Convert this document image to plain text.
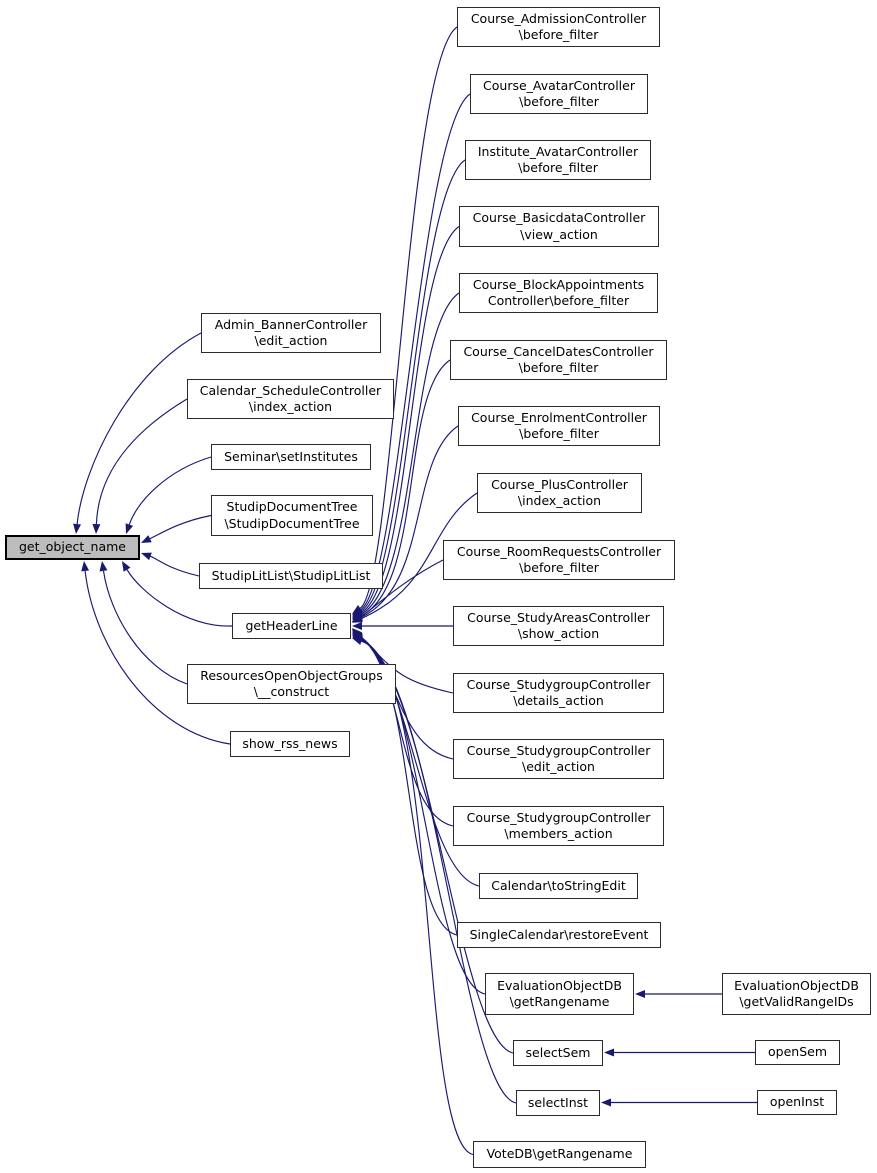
get_object_name
Admin_BannerController
\edit_action
Calendar_ScheduleController
\index_action
Seminar\setInstitutes
StudipDocumentTree
\StudipDocumentTree
StudipLitList\StudipLitList
getHeaderLine
ResourcesOpenObjectGroups
\__construct
show_rss_news
Course_AdmissionController
\before_filter
Course_AvatarController
\before_filter
Institute_AvatarController
\before_filter
Course_BasicdataController
\view_action
Course_BlockAppointments
Controller\before_filter
Course_CancelDatesController
\before_filter
Course_EnrolmentController
\before_filter
Course_PlusController
\index_action
Course_RoomRequestsController
\before_filter
Course_StudyAreasController
\show_action
Course_StudygroupController
\details_action
Course_StudygroupController
\edit_action
Course_StudygroupController
\members_action
Calendar\toStringEdit
SingleCalendar\restoreEvent
EvaluationObjectDB
\getRangename
selectSem
selectInst
VoteDB\getRangename
EvaluationObjectDB
\getValidRangeIDs
openSem
openInst
